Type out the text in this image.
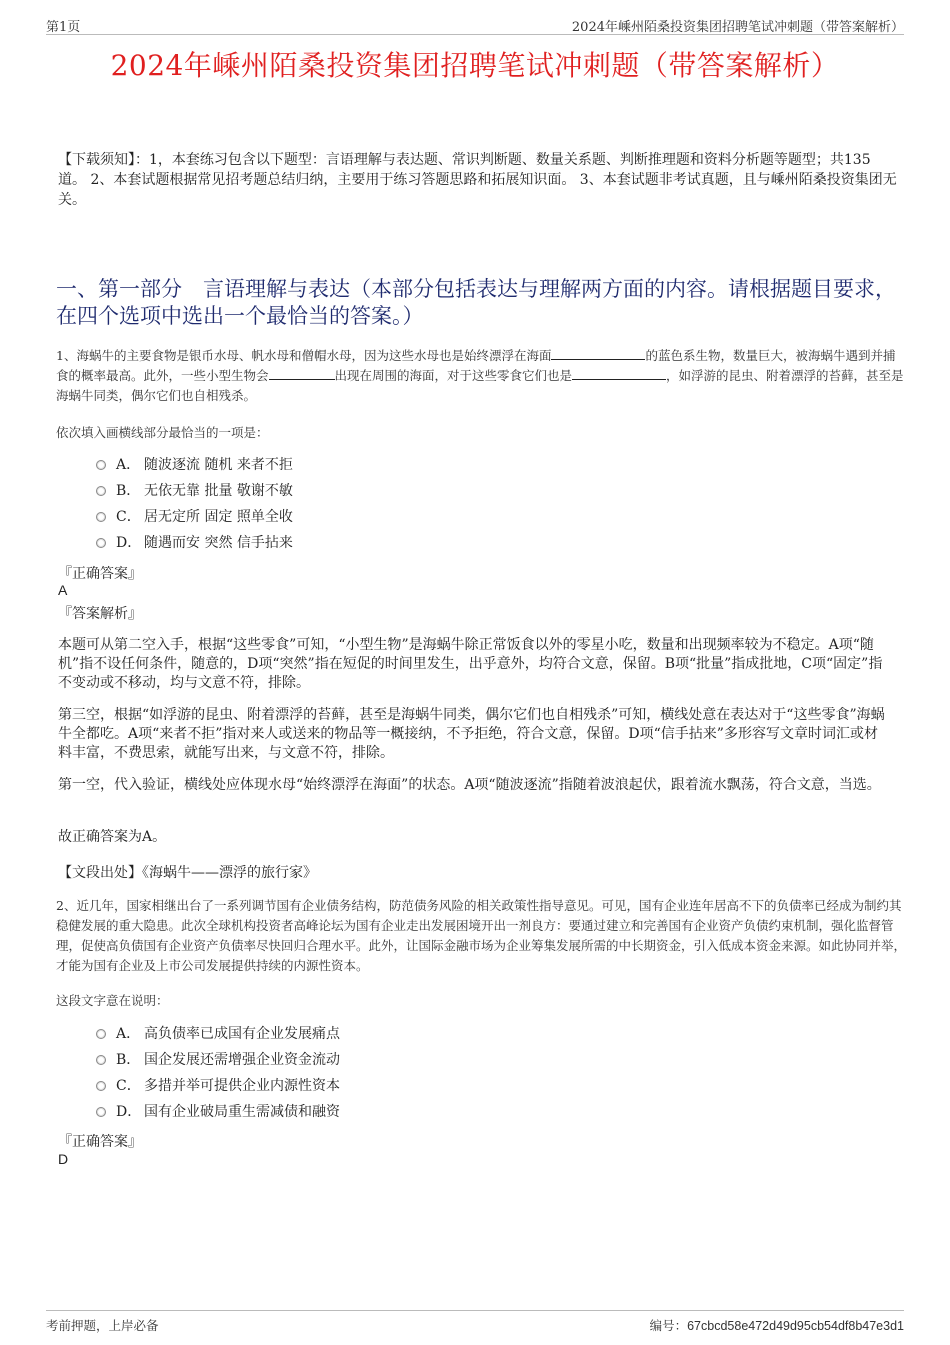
第1页	2024年嵊州陌桑投资集团招聘笔试冲刺题（带答案解析）
2024年嵊州陌桑投资集团招聘笔试冲刺题（带答案解析）
【下载须知】：1，本套练习包含以下题型：言语理解与表达题、常识判断题、数量关系题、判断推理题和资料分析题等题型；共135道。 2、本套试题根据常见招考题总结归纳，主要用于练习答题思路和拓展知识面。 3、本套试题非考试真题，且与嵊州陌桑投资集团无关。
一、第一部分　言语理解与表达（本部分包括表达与理解两方面的内容。请根据题目要求，在四个选项中选出一个最恰当的答案。）
1、海蜗牛的主要食物是银币水母、帆水母和僧帽水母，因为这些水母也是始终漂浮在海面	的蓝色系生物，数量巨大，被海蜗牛遇到并捕食的概率最高。此外，一些小型生物会	出现在周围的海面，对于这些零食它们也是	，如浮游的昆虫、附着漂浮的苔藓，甚至是海蜗牛同类，偶尔它们也自相残杀。
依次填入画横线部分最恰当的一项是：
A． 随波逐流 随机 来者不拒
B． 无依无靠 批量 敬谢不敏
C． 居无定所 固定 照单全收
D． 随遇而安 突然 信手拈来
『正确答案』
A
『答案解析』
本题可从第二空入手，根据“这些零食”可知，“小型生物”是海蜗牛除正常饭食以外的零星小吃，数量和出现频率较为不稳定。A项“随机”指不设任何条件，随意的，D项“突然”指在短促的时间里发生，出乎意外，均符合文意，保留。B项“批量”指成批地，C项“固定”指不变动或不移动，均与文意不符，排除。
第三空，根据“如浮游的昆虫、附着漂浮的苔藓，甚至是海蜗牛同类，偶尔它们也自相残杀”可知，横线处意在表达对于“这些零食”海蜗牛全都吃。A项“来者不拒”指对来人或送来的物品等一概接纳，不予拒绝，符合文意，保留。D项“信手拈来”多形容写文章时词汇或材料丰富，不费思索，就能写出来，与文意不符，排除。
第一空，代入验证，横线处应体现水母“始终漂浮在海面”的状态。A项“随波逐流”指随着波浪起伏，跟着流水飘荡，符合文意，当选。
故正确答案为A。
【文段出处】《海蜗牛——漂浮的旅行家》
2、近几年，国家相继出台了一系列调节国有企业债务结构，防范债务风险的相关政策性指导意见。可见，国有企业连年居高不下的负债率已经成为制约其稳健发展的重大隐患。此次全球机构投资者高峰论坛为国有企业走出发展困境开出一剂良方：要通过建立和完善国有企业资产负债约束机制，强化监督管理，促使高负债国有企业资产负债率尽快回归合理水平。此外，让国际金融市场为企业筹集发展所需的中长期资金，引入低成本资金来源。如此协同并举，才能为国有企业及上市公司发展提供持续的内源性资本。
这段文字意在说明：
A． 高负债率已成国有企业发展痛点
B． 国企发展还需增强企业资金流动
C． 多措并举可提供企业内源性资本
D． 国有企业破局重生需减债和融资
『正确答案』
D
考前押题，上岸必备	编号：67cbcd58e472d49d95cb54df8b47e3d1
